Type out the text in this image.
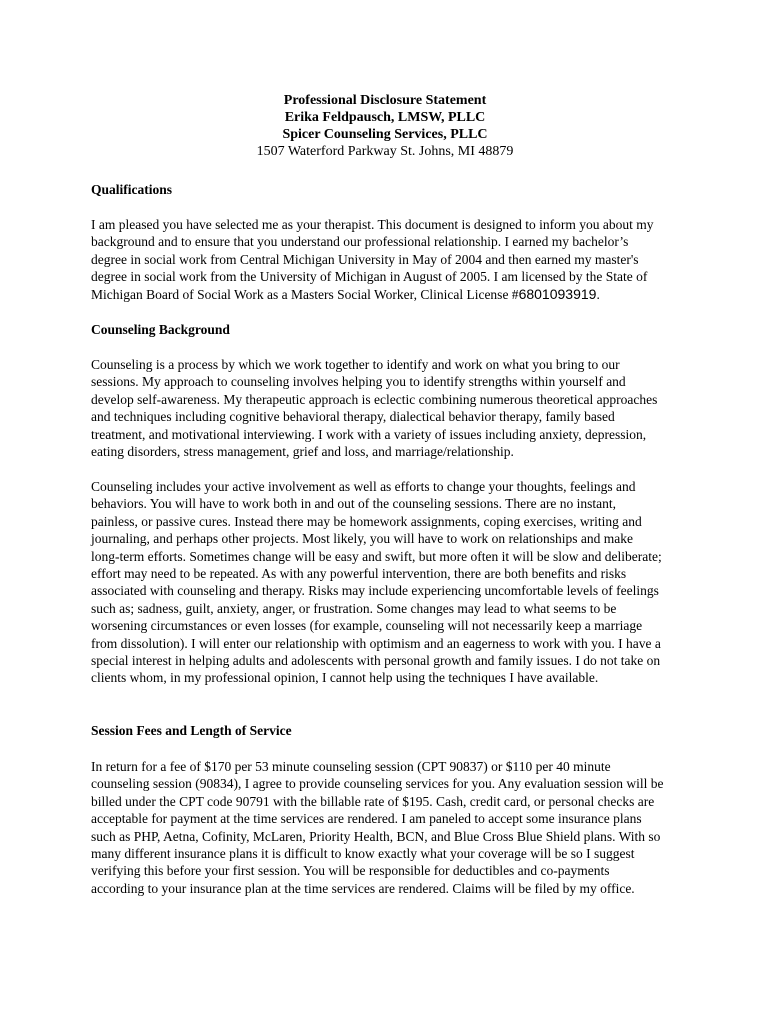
Professional Disclosure Statement
Erika Feldpausch, LMSW, PLLC
Spicer Counseling Services, PLLC
1507 Waterford Parkway St. Johns, MI 48879
Qualifications
I am pleased you have selected me as your therapist. This document is designed to inform you about my
background and to ensure that you understand our professional relationship. I earned my bachelor’s
degree in social work from Central Michigan University in May of 2004 and then earned my master's
degree in social work from the University of Michigan in August of 2005. I am licensed by the State of
Michigan Board of Social Work as a Masters Social Worker, Clinical License #6801093919.
Counseling Background
Counseling is a process by which we work together to identify and work on what you bring to our
sessions. My approach to counseling involves helping you to identify strengths within yourself and
develop self-awareness. My therapeutic approach is eclectic combining numerous theoretical approaches
and techniques including cognitive behavioral therapy, dialectical behavior therapy, family based
treatment, and motivational interviewing. I work with a variety of issues including anxiety, depression,
eating disorders, stress management, grief and loss, and marriage/relationship.
Counseling includes your active involvement as well as efforts to change your thoughts, feelings and
behaviors. You will have to work both in and out of the counseling sessions. There are no instant,
painless, or passive cures. Instead there may be homework assignments, coping exercises, writing and
journaling, and perhaps other projects. Most likely, you will have to work on relationships and make
long-term efforts. Sometimes change will be easy and swift, but more often it will be slow and deliberate;
effort may need to be repeated. As with any powerful intervention, there are both benefits and risks
associated with counseling and therapy. Risks may include experiencing uncomfortable levels of feelings
such as; sadness, guilt, anxiety, anger, or frustration. Some changes may lead to what seems to be
worsening circumstances or even losses (for example, counseling will not necessarily keep a marriage
from dissolution). I will enter our relationship with optimism and an eagerness to work with you. I have a
special interest in helping adults and adolescents with personal growth and family issues. I do not take on
clients whom, in my professional opinion, I cannot help using the techniques I have available.
Session Fees and Length of Service
In return for a fee of $170 per 53 minute counseling session (CPT 90837) or $110 per 40 minute
counseling session (90834), I agree to provide counseling services for you. Any evaluation session will be
billed under the CPT code 90791 with the billable rate of $195. Cash, credit card, or personal checks are
acceptable for payment at the time services are rendered. I am paneled to accept some insurance plans
such as PHP, Aetna, Cofinity, McLaren, Priority Health, BCN, and Blue Cross Blue Shield plans. With so
many different insurance plans it is difficult to know exactly what your coverage will be so I suggest
verifying this before your first session. You will be responsible for deductibles and co-payments
according to your insurance plan at the time services are rendered. Claims will be filed by my office.
